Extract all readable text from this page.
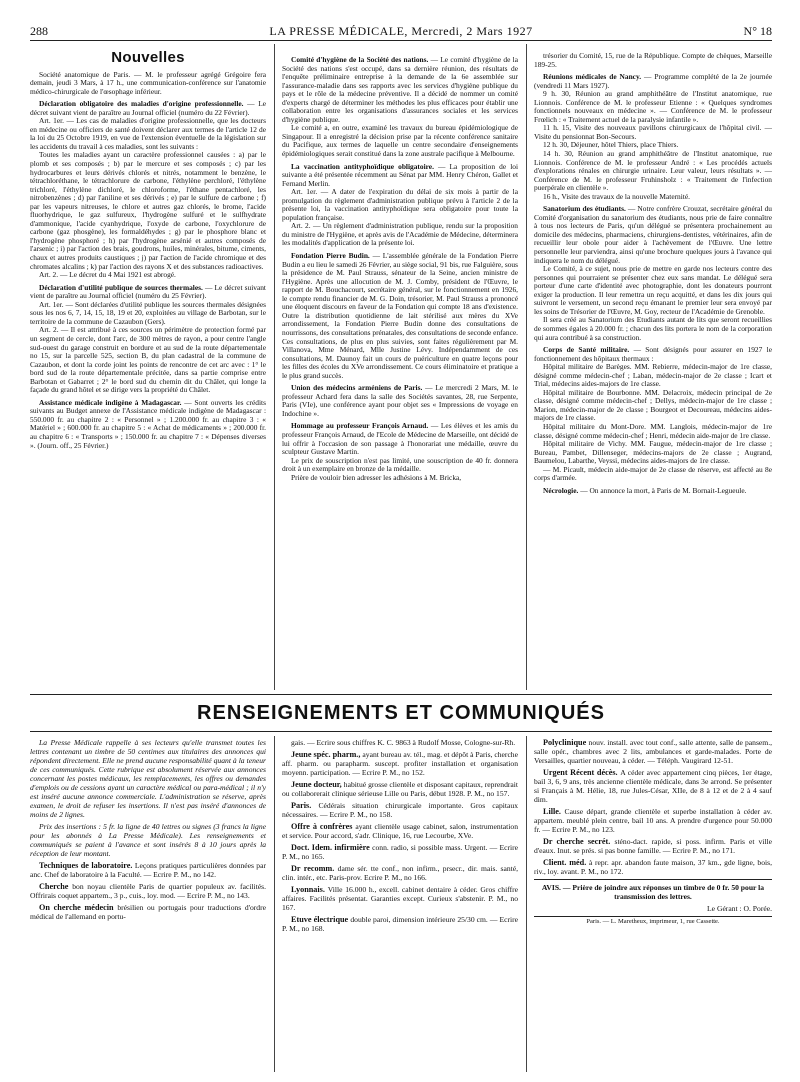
288	LA PRESSE MÉDICALE, Mercredi, 2 Mars 1927	N° 18
Nouvelles

Société anatomique de Paris. — M. le professeur agrégé Grégoire fera demain, jeudi 3 Mars, à 17 h., une communication-conférence sur l'anatomie médico-chirurgicale de l'œsophage inférieur.

Déclaration obligatoire des maladies d'origine professionnelle. — Le décret suivant vient de paraître au Journal officiel (numéro du 22 Février).

Art. 1er. — Les cas de maladies d'origine professionnelle, que les docteurs en médecine ou officiers de santé doivent déclarer aux termes de l'article 12 de la loi du 25 Octobre 1919, en vue de l'extension éventuelle de la législation sur les accidents du travail à ces maladies, sont les suivants :

Toutes les maladies ayant un caractère professionnel causées : a) par le plomb et ses composés ; b) par le mercure et ses composés ; c) par les hydrocarbures et leurs dérivés chlorés et nitrés, notamment le benzène, le tétrachloréthane, le tétrachlorure de carbone, l'éthylène perchloré, l'éthylène trichloré, l'éthylène dichloré, le chloroforme, l'éthane pentachloré, les nitrobenzènes ; d) par l'aniline et ses dérivés ; e) par le sulfure de carbone ; f) par les vapeurs nitreuses, le chlore et autres gaz chlorés, le brome, l'acide fluorhydrique, le gaz sulfureux, l'hydrogène sulfuré et le sulfhydrate d'ammonique, l'acide cyanhydrique, l'oxyde de carbone, l'oxychlorure de carbone (gaz phosgène), les formaldéhydes ; g) par le phosphore blanc et l'hydrogène phosphoré ; h) par l'hydrogène arsénié et autres composés de l'arsenic ; i) par l'action des brais, goudrons, huiles, minérales, bitume, ciments, chaux et autres produits caustiques ; j) par l'action de l'acide chromique et des chromates alcalins ; k) par l'action des rayons X et des substances radioactives.

Art. 2. — Le décret du 4 Mai 1921 est abrogé.

Déclaration d'utilité publique de sources thermales. — Le décret suivant vient de paraître au Journal officiel (numéro du 25 Février).

Art. 1er. — Sont déclarées d'utilité publique les sources thermales désignées sous les nos 6, 7, 14, 15, 18, 19 et 20, exploitées au village de Barbotan, sur le territoire de la commune de Cazaubon (Gers).

Art. 2. — Il est attribué à ces sources un périmètre de protection formé par un segment de cercle, dont l'arc, de 300 mètres de rayon, a pour centre l'angle sud-ouest du garage construit en bordure et au sud de la route départementale no 15, sur la parcelle 525, section B, du plan cadastral de la commune de Cazaubon, et dont la corde joint les points de rencontre de cet arc avec : 1° le bord sud de la route départementale précitée, dans sa partie comprise entre Barbotan et Gabarret ; 2° le bord sud du chemin dit du Châlet, qui longe la façade du grand hôtel et se dirige vers la propriété du Châlet.

Assistance médicale indigène à Madagascar. — Sont ouverts les crédits suivants au Budget annexe de l'Assistance médicale indigène de Madagascar : 550.000 fr. au chapitre 2 : « Personnel » ; 1.200.000 fr. au chapitre 3 : « Matériel » ; 600.000 fr. au chapitre 5 : « Achat de médicaments » ; 200.000 fr. au chapitre 6 : « Transports » ; 150.000 fr. au chapitre 7 : « Dépenses diverses ». (Journ. off., 25 Février.)

Comité d'hygiène de la Société des nations. — Le comité d'hygiène de la Société des nations s'est occupé, dans sa dernière réunion, des résultats de l'enquête préliminaire entreprise à la demande de la 6e assemblée sur l'assurance-maladie dans ses rapports avec les services d'hygiène publique du pays et le rôle de la médecine préventive. Il a décidé de nommer un comité d'experts chargé de déterminer les méthodes les plus efficaces pour établir une collaboration entre les organisations d'assurances sociales et les services d'hygiène publique.

Le comité a, en outre, examiné les travaux du bureau épidémiologique de Singapour. Il a enregistré la décision prise par la récente conférence sanitaire du Pacifique, aux termes de laquelle un centre secondaire d'enseignements épidémiologiques serait constitué dans la zone australe pacifique à Melbourne.

La vaccination antityphoïdique obligatoire. — La proposition de loi suivante a été présentée récemment au Sénat par MM. Henry Chéron, Gallet et Fernand Merlin.

Art. 1er. — A dater de l'expiration du délai de six mois à partir de la promulgation du règlement d'administration publique prévu à l'article 2 de la présente loi, la vaccination antityphoïdique sera obligatoire pour toute la population française.

Art. 2. — Un règlement d'administration publique, rendu sur la proposition du ministre de l'Hygiène, et après avis de l'Académie de Médecine, déterminera les modalités d'application de la présente loi.

Fondation Pierre Budin. — L'assemblée générale de la Fondation Pierre Budin a eu lieu le samedi 26 Février, au siège social, 91 bis, rue Falguière, sous la présidence de M. Paul Strauss, sénateur de la Seine, ancien ministre de l'Hygiène. Après une allocution de M. J. Comby, président de l'Œuvre, le rapport de M. Bouchacourt, secrétaire général, sur le fonctionnement en 1926, le compte rendu financier de M. G. Doin, trésorier, M. Paul Strauss a prononcé une éloquent discours en faveur de la Fondation qui compte 18 ans d'existence. Outre la distribution quotidienne de lait stérilisé aux mères du XVe arrondissement, la Fondation Pierre Budin donne des consultations de nourrissons, des consultations prénatales, des consultations de seconde enfance. Ces consultations, de plus en plus suivies, sont faites régulièrement par M. Villanova, Mme Ménard, Mlle Justine Lévy. Indépendamment de ces consultations, M. Daunoy fait un cours de puériculture en quatre leçons pour les filles des écoles du XVe arrondissement. Ce cours éliminatoire et pratique a le plus grand succès.

Union des médecins arméniens de Paris. — Le mercredi 2 Mars, M. le professeur Achard fera dans la salle des Sociétés savantes, 28, rue Serpente, Paris (VIe), une conférence ayant pour objet ses « Impressions de voyage en Indochine ».

Hommage au professeur François Arnaud. — Les élèves et les amis du professeur François Arnaud, de l'Ecole de Médecine de Marseille, ont décidé de lui offrir à l'occasion de son passage à l'honorariat une médaille, œuvre du sculpteur Gustave Martin.

Le prix de souscription n'est pas limité, une souscription de 40 fr. donnera droit à un exemplaire en bronze de la médaille.

Prière de vouloir bien adresser les adhésions à M. Bricka,

trésorier du Comité, 15, rue de la République. Compte de chèques, Marseille 189-25.

Réunions médicales de Nancy. — Programme complété de la 2e journée (vendredi 11 Mars 1927).

9 h. 30, Réunion au grand amphithéâtre de l'Institut anatomique, rue Lionnois. Conférence de M. le professeur Etienne : « Quelques syndromes fonctionnels nouveaux en médecine ». — Conférence de M. le professeur Frœlich : « Traitement actuel de la paralysie infantile ».

11 h. 15, Visite des nouveaux pavillons chirurgicaux de l'hôpital civil. — Visite du pensionnat Bon-Secours.

12 h. 30, Déjeuner, hôtel Thiers, place Thiers.

14 h. 30, Réunion au grand amphithéâtre de l'Institut anatomique, rue Lionnois. Conférence de M. le professeur André : « Les procédés actuels d'explorations rénales en chirurgie urinaire. Leur valeur, leurs résultats ». — Conférence de M. le professeur Fruhinsholz : « Traitement de l'infection puerpérale en clientèle ».

16 h., Visite des travaux de la nouvelle Maternité.

Sanatorium des étudiants. — Notre confrère Crouzat, secrétaire général du Comité d'organisation du sanatorium des étudiants, nous prie de faire connaître à tous nos lecteurs de Paris, qu'un délégué se présentera prochainement au domicile des médecins, pharmaciens, chirurgiens-dentistes, vétérinaires, afin de recueillir leur obole pour aider à l'achèvement de l'Œuvre. Une lettre personnelle leur parviendra, ainsi qu'une brochure quelques jours à l'avance qui indiquera le nom du délégué.

Le Comité, à ce sujet, nous prie de mettre en garde nos lecteurs contre des personnes qui pourraient se présenter chez eux sans mandat. Le délégué sera porteur d'une carte d'identité avec photographie, dont les donateurs pourront exiger la production. Il leur remettra un reçu acquitté, et dans les dix jours qui suivront le versement, un second reçu émanant le premier leur sera envoyé par les soins de Trésorier de l'Œuvre, M. Goy, recteur de l'Académie de Grenoble.

Il sera créé au Sanatorium des Etudiants autant de lits que seront recueillies de sommes égales à 20.000 fr. ; chacun des lits portera le nom de la corporation qui aura contribué à sa construction.

Corps de Santé militaire. — Sont désignés pour assurer en 1927 le fonctionnement des hôpitaux thermaux :

Hôpital militaire de Barèges. MM. Rebierre, médecin-major de 1re classe, désigné comme médecin-chef ; Laban, médecin-major de 2e classe ; Icart et Trial, médecins aides-majors de 1re classe.

Hôpital militaire de Bourbonne. MM. Delacroix, médecin principal de 2e classe, désigné comme médecin-chef ; Dellys, médecin-major de 1re classe ; Marion, médecin-major de 2e classe ; Bourgeot et Decoureau, médecins aides-majors de 1re classe.

Hôpital militaire du Mont-Dore. MM. Langlois, médecin-major de 1re classe, désigné comme médecin-chef ; Henri, médecin aide-major de 1re classe.

Hôpital militaire de Vichy. MM. Faugue, médecin-major de 1re classe ; Bureau, Pambet, Dillenseger, médecins-majors de 2e classe ; Augrand, Baumelou, Labarthe, Veyssi, médecins aides-majors de 1re classe.

— M. Picault, médecin aide-major de 2e classe de réserve, est affecté au 8e corps d'armée.

Nécrologie. — On annonce la mort, à Paris de M. Bornait-Legueule.

RENSEIGNEMENTS ET COMMUNIQUÉS

La Presse Médicale rappelle à ses lecteurs qu'elle transmet toutes les lettres contenant un timbre de 50 centimes aux titulaires des annonces qui répondent directement. Elle ne prend aucune responsabilité quant à la teneur de ces communiqués. Cette rubrique est absolument réservée aux annonces concernant les postes médicaux, les remplacements, les offres ou demandes d'emplois ou de cessions ayant un caractère médical ou para-médical ; il n'y est inséré aucune annonce commerciale. L'administration se réserve, après examen, le droit de refuser les insertions. Il n'est pas inséré d'annonces de moins de 2 lignes.

Prix des insertions : 5 fr. la ligne de 40 lettres ou signes (3 francs la ligne pour les abonnés à La Presse Médicale). Les renseignements et communiqués se paient à l'avance et sont insérés 8 à 10 jours après la réception de leur montant.

Techniques de laboratoire. Leçons pratiques particulières données par anc. Chef de laboratoire à la Faculté. — Ecrire P. M., no 142.

Cherche bon noyau clientèle Paris de quartier populeux av. facilités. Offrirais coquet appartem., 3 p., cuis., loy. mod. — Ecrire P. M., no 143.

On cherche médecin brésilien ou portugais pour traductions d'ordre médical de l'allemand en portu-

gais. — Ecrire sous chiffres K. C. 9863 à Rudolf Mosse, Cologne-sur-Rh.

Jeune spéc. pharm., ayant bureau av. tél., mag. et dépôt à Paris, cherche aff. pharm. ou parapharm. suscept. profiter installation et organisation moyenn. participation. — Ecrire P. M., no 152.

Jeune docteur, habitué grosse clientèle et disposant capitaux, reprendrait ou collaborerait clinique sérieuse Lille ou Paris, début 1928. P. M., no 157.

Paris. Cédérais situation chirurgicale importante. Gros capitaux nécessaires. — Ecrire P. M., no 158.

Offre à confrères ayant clientèle usage cabinet, salon, instrumentation et service. Pour accord, s'adr. Clinique, 16, rue Lecourbe, XVe.

Doct. Idem. infirmière conn. radio, si possible mass. Urgent. — Ecrire P. M., no 165.

Dr recomm. dame sér. tte conf., non infirm., prsecr., dir. mais. santé, clin. intér., etc. Paris-prov. Ecrire P. M., no 166.

Lyonnais. Ville 16.000 h., excell. cabinet dentaire à céder. Gros chiffre affaires. Facilités présentat. Garanties except. Curieux s'abstenir. P. M., no 167.

Etuve électrique double paroi, dimension intérieure 25/30 cm. — Ecrire P. M., no 168.

Polyclinique nouv. install. avec tout conf., salle attente, salle de pansem., salle opér., chambres avec 2 lits, ambulances et garde-malades. Porte de Versailles, quartier nouveau, à céder. — Téléph. Vaugirard 12-51.

Urgent Récent décès. A céder avec appartement cinq pièces, 1er étage, bail 3, 6, 9 ans, très ancienne clientèle médicale, dans 3e arrond. Se présenter si Français à M. Hélie, 18, rue Jules-César, XIIe, de 8 à 12 et de 2 à 4 sauf dim.

Lille. Cause départ, grande clientèle et superbe installation à céder av. appartem. meublé plein centre, bail 10 ans. A prendre d'urgence pour 50.000 fr. — Ecrire P. M., no 123.

Dr cherche secrét. sténo-dact. rapide, si poss. infirm. Paris et ville d'eaux. Inut. se prés. si pas bonne famille. — Ecrire P. M., no 171.

Client. méd. à repr. apr. abandon faute maison, 37 km., gde ligne, bois, riv., loy. avant. P. M., no 172.

AVIS. — Prière de joindre aux réponses un timbre de 0 fr. 50 pour la transmission des lettres.

Le Gérant : O. Porée.

Paris. — L. Maretheux, imprimeur, 1, rue Cassette.
